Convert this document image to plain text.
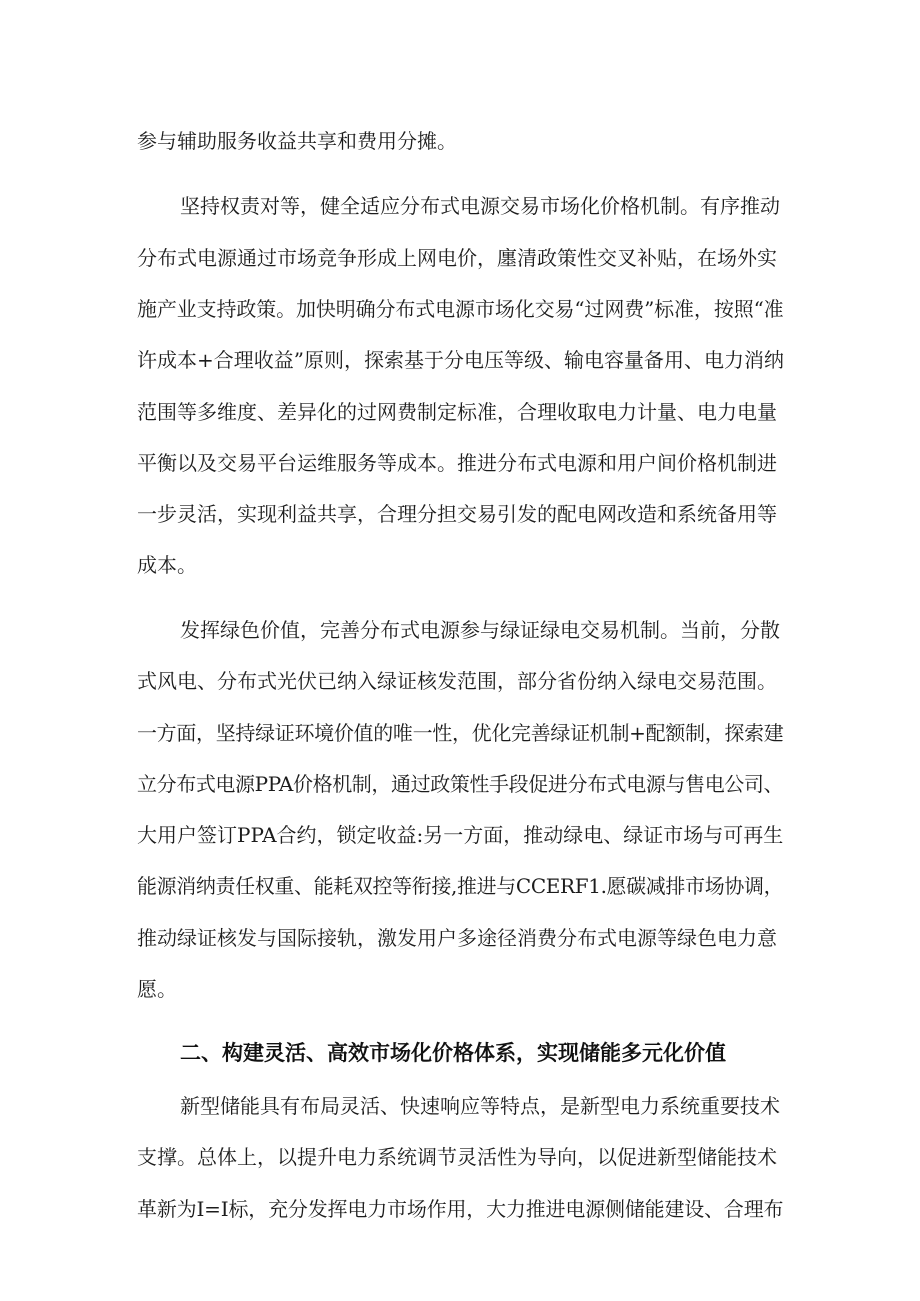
参与辅助服务收益共享和费用分摊。
坚持权责对等，健全适应分布式电源交易市场化价格机制。有序推动
分布式电源通过市场竞争形成上网电价，廛清政策性交叉补贴，在场外实
施产业支持政策。加快明确分布式电源市场化交易“过网费”标准，按照“准
许成本+合理收益”原则，探索基于分电压等级、输电容量备用、电力消纳
范围等多维度、差异化的过网费制定标准，合理收取电力计量、电力电量
平衡以及交易平台运维服务等成本。推进分布式电源和用户间价格机制进
一步灵活，实现利益共享，合理分担交易引发的配电网改造和系统备用等
成本。
发挥绿色价值，完善分布式电源参与绿证绿电交易机制。当前，分散
式风电、分布式光伏已纳入绿证核发范围，部分省份纳入绿电交易范围。
一方面，坚持绿证环境价值的唯一性，优化完善绿证机制+配额制，探索建
立分布式电源PPA价格机制，通过政策性手段促进分布式电源与售电公司、
大用户签订PPA合约，锁定收益:另一方面，推动绿电、绿证市场与可再生
能源消纳责任权重、能耗双控等衔接,推进与CCERF1.愿碳减排市场协调，
推动绿证核发与国际接轨，激发用户多途径消费分布式电源等绿色电力意
愿。
二、构建灵活、高效市场化价格体系，实现储能多元化价值
新型储能具有布局灵活、快速响应等特点，是新型电力系统重要技术
支撑。总体上，以提升电力系统调节灵活性为导向，以促进新型储能技术
革新为I=I标，充分发挥电力市场作用，大力推进电源侧储能建设、合理布
